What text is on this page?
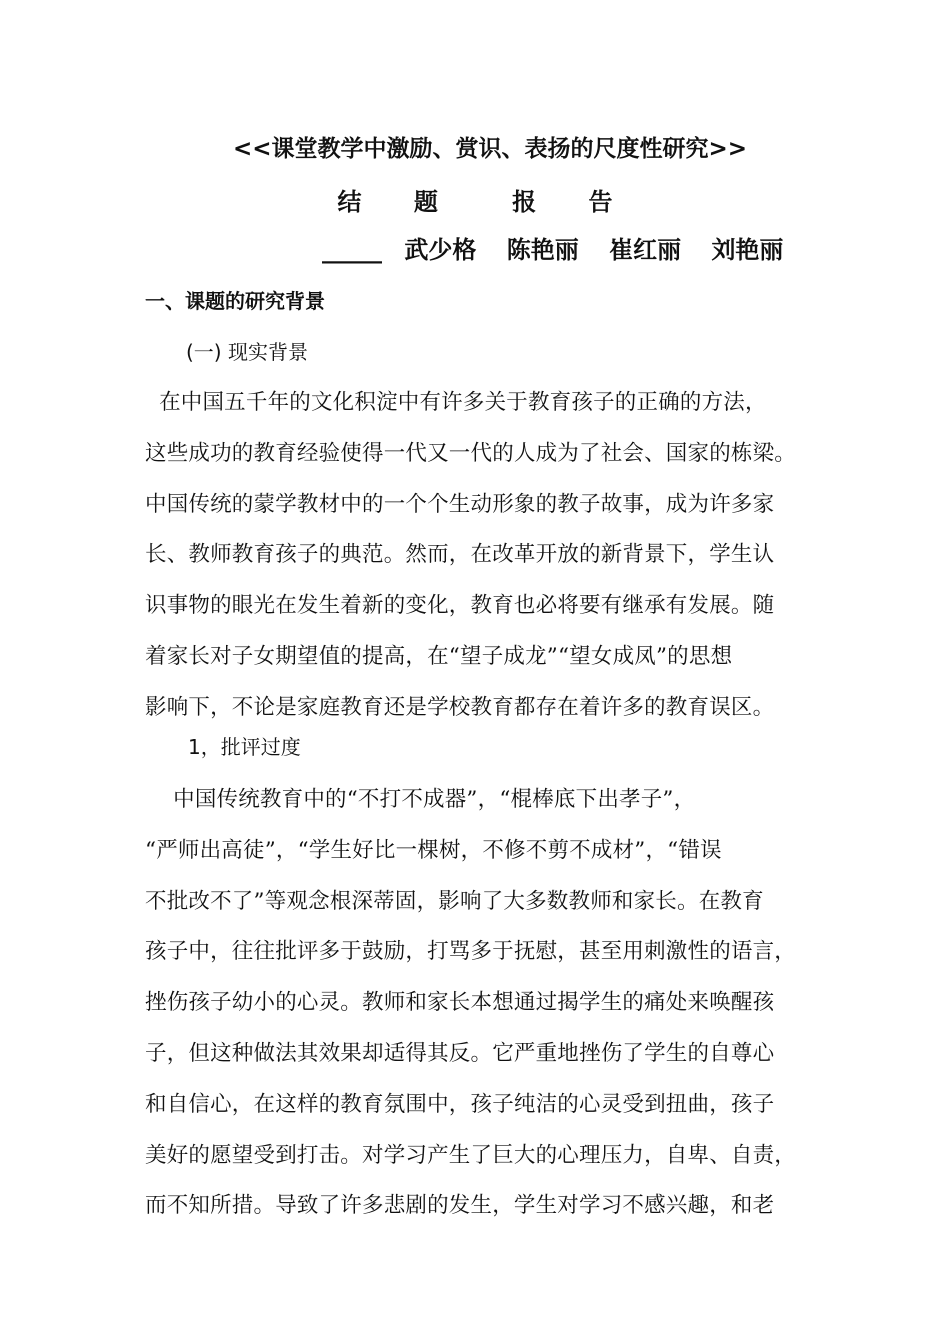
<<课堂教学中激励、赏识、表扬的尺度性研究>>
结 题	报 告
_____ 武少格 陈艳丽 崔红丽 刘艳丽
一、课题的研究背景
(一) 现实背景
在中国五千年的文化积淀中有许多关于教育孩子的正确的方法，
这些成功的教育经验使得一代又一代的人成为了社会、国家的栋梁。
中国传统的蒙学教材中的一个个生动形象的教子故事，成为许多家
长、教师教育孩子的典范。然而，在改革开放的新背景下，学生认
识事物的眼光在发生着新的变化，教育也必将要有继承有发展。随
着家长对子女期望值的提高，在“望子成龙”“望女成凤”的思想
影响下，不论是家庭教育还是学校教育都存在着许多的教育误区。
1，批评过度
中国传统教育中的“不打不成器”，“棍棒底下出孝子”，
“严师出高徒”，“学生好比一棵树，不修不剪不成材”，“错误
不批改不了”等观念根深蒂固，影响了大多数教师和家长。在教育
孩子中，往往批评多于鼓励，打骂多于抚慰，甚至用刺激性的语言，
挫伤孩子幼小的心灵。教师和家长本想通过揭学生的痛处来唤醒孩
子，但这种做法其效果却适得其反。它严重地挫伤了学生的自尊心
和自信心，在这样的教育氛围中，孩子纯洁的心灵受到扭曲，孩子
美好的愿望受到打击。对学习产生了巨大的心理压力，自卑、自责，
而不知所措。导致了许多悲剧的发生，学生对学习不感兴趣，和老
